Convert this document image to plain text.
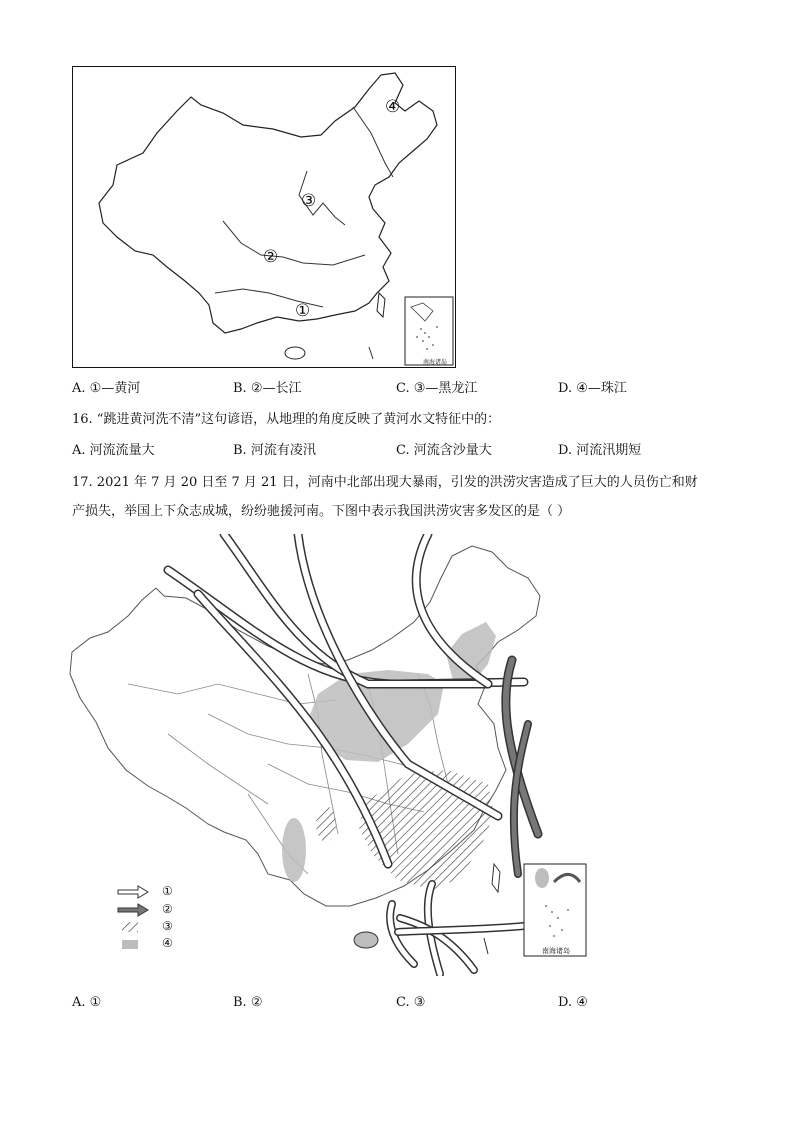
④
③
②
①
南海诸岛
A. ①—黄河	B. ②—长江	C. ③—黑龙江	D. ④—珠江
16. “跳进黄河洗不清”这句谚语，从地理的角度反映了黄河水文特征中的：
A. 河流流量大	B. 河流有凌汛	C. 河流含沙量大	D. 河流汛期短
17. 2021 年 7 月 20 日至 7 月 21 日，河南中北部出现大暴雨，引发的洪涝灾害造成了巨大的人员伤亡和财
产损失，举国上下众志成城，纷纷驰援河南。下图中表示我国洪涝灾害多发区的是（ ）
①
②
③
④
南海诸岛
A. ①	B. ②	C. ③	D. ④
